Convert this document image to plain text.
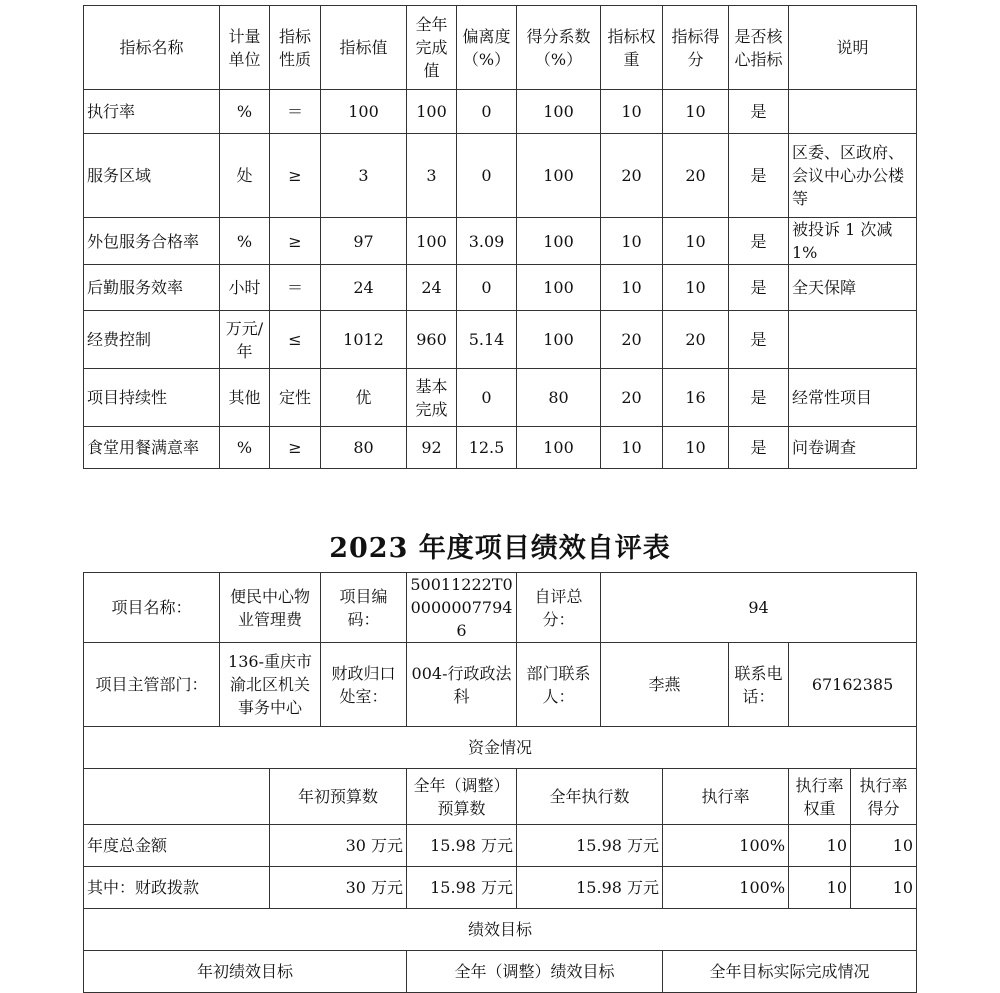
指标名称	计量单位	指标性质	指标值	全年完成值	偏离度（%）	得分系数（%）	指标权重	指标得分	是否核心指标	说明
执行率	%	＝	100	100	0	100	10	10	是	
服务区域	处	≥	3	3	0	100	20	20	是	区委、区政府、会议中心办公楼等
外包服务合格率	%	≥	97	100	3.09	100	10	10	是	被投诉 1 次减 1%
后勤服务效率	小时	＝	24	24	0	100	10	10	是	全天保障
经费控制	万元/年	≤	1012	960	5.14	100	20	20	是	
项目持续性	其他	定性	优	基本完成	0	80	20	16	是	经常性项目
食堂用餐满意率	%	≥	80	92	12.5	100	10	10	是	问卷调查
2023 年度项目绩效自评表
项目名称：	便民中心物业管理费		项目编码：	50011222T000000077946	自评总分：	94				
项目主管部门：	136-重庆市渝北区机关事务中心		财政归口处室：	004-行政政法科	部门联系人：	李燕		联系电话：	67162385	
资金情况										
		年初预算数		全年（调整）预算数	全年执行数		执行率		执行率权重	执行率得分
年度总金额		30 万元		15.98 万元	15.98 万元		100%		10	10
其中：财政拨款		30 万元		15.98 万元	15.98 万元		100%		10	10
绩效目标										
年初绩效目标				全年（调整）绩效目标			全年目标实际完成情况			
